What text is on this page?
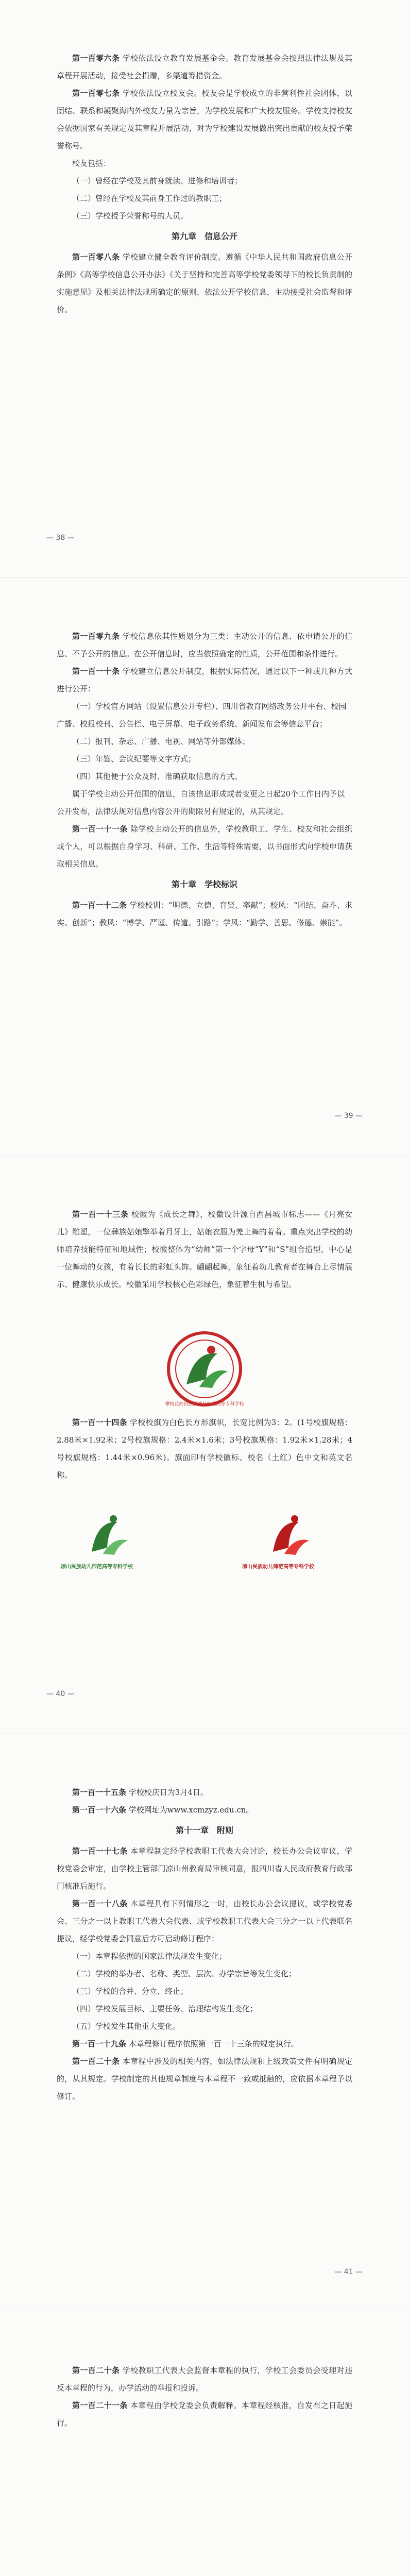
第一百零六条 学校依法设立教育发展基金会。教育发展基金会按照法律法规及其章程开展活动，接受社会捐赠，多渠道筹措资金。

第一百零七条 学校依法设立校友会。校友会是学校成立的非营利性社会团体，以团结、联系和凝聚海内外校友力量为宗旨，为学校发展和广大校友服务。学校支持校友会依据国家有关规定及其章程开展活动，对为学校建设发展做出突出贡献的校友授予荣誉称号。

校友包括：

（一）曾经在学校及其前身就读、进修和培训者；

（二）曾经在学校及其前身工作过的教职工；

（三）学校授予荣誉称号的人员。

第九章　信息公开

第一百零八条 学校建立健全教育评价制度。遵循《中华人民共和国政府信息公开条例》《高等学校信息公开办法》《关于坚持和完善高等学校党委领导下的校长负责制的实施意见》及相关法律法规所确定的原则，依法公开学校信息，主动接受社会监督和评价。

— 38 —

第一百零九条 学校信息依其性质划分为三类：主动公开的信息、依申请公开的信息、不予公开的信息。在公开信息时，应当依照确定的性质，公开范围和条件进行。

第一百一十条 学校建立信息公开制度，根据实际情况，通过以下一种或几种方式进行公开：

（一）学校官方网站（设置信息公开专栏）、四川省教育网络政务公开平台、校园广播、校报校刊、公告栏、电子屏幕、电子政务系统、新闻发布会等信息平台；

（二）报刊、杂志、广播、电视、网站等外部媒体；

（三）年鉴、会议纪要等文字方式；

（四）其他便于公众及时、准确获取信息的方式。

属于学校主动公开范围的信息，自该信息形成或者变更之日起20个工作日内予以公开发布，法律法规对信息内容公开的期限另有规定的，从其规定。

第一百一十一条 除学校主动公开的信息外，学校教职工、学生、校友和社会组织或个人，可以根据自身学习、科研、工作、生活等特殊需要，以书面形式向学校申请获取相关信息。

第十章　学校标识

第一百一十二条 学校校训：“明德、立德、育贤、率献”；校风：“团结、奋斗、求实、创新”；教风：“博学、严谨、传道、引路”；学风：“勤学、善思、修德、崇能”。

— 39 —

第一百一十三条 校徽为《成长之舞》，校徽设计源自西昌城市标志——《月亮女儿》雕塑，一位彝族姑娘擎举着月牙上，姑娘衣服为羌上舞的着着。重点突出学校的幼师培养技能特征和地域性；校徽整体为“幼师”第一个字母“Y”和“S”组合造型，中心是一位舞动的女孩，有着长长的彩虹头饰。翩翩起舞，象征着幼儿教育者在舞台上尽情展示、健康快乐成长。校徽采用学校核心色彩绿色，象征着生机与希望。

攀枝花西昌民族幼儿师范高等专科学校

第一百一十四条 学校校旗为白色长方形旗帜，长宽比例为3：2。(1号校旗规格：2.88米×1.92米；2号校旗规格：2.4米×1.6米；3号校旗规格：1.92米×1.28米；4号校旗规格：1.44米×0.96米)。旗面印有学校徽标、校名（土红）色中文和英文名称。

凉山民族幼儿师范高等专科学校	凉山民族幼儿师范高等专科学校
— 40 —

第一百一十五条 学校校庆日为3月4日。

第一百一十六条 学校网址为www.xcmzyz.edu.cn。

第十一章　附则

第一百一十七条 本章程制定经学校教职工代表大会讨论，校长办公会议审议，学校党委会审定，由学校主管部门凉山州教育局审核同意，报四川省人民政府教育行政部门核准后施行。

第一百一十八条 本章程具有下列情形之一时，由校长办公会议提议，或学校党委会、三分之一以上教职工代表大会代表、或学校教职工代表大会三分之一以上代表联名提议，经学校党委会同意后方可启动修订程序：

（一）本章程依据的国家法律法规发生变化；

（二）学校的举办者、名称、类型、层次、办学宗旨等发生变化；

（三）学校的合并、分立、终止；

（四）学校发展目标、主要任务、治理结构发生变化；

（五）学校发生其他重大变化。

第一百一十九条 本章程修订程序依照第一百一十三条的规定执行。

第一百二十条 本章程中涉及的相关内容，如法律法规和上级政策文件有明确规定的，从其规定。学校制定的其他规章制度与本章程不一致或抵触的，应依据本章程予以修订。

— 41 —

第一百二十条 学校教职工代表大会监督本章程的执行，学校工会委员会受理对违反本章程的行为，办学活动的举报和投诉。

第一百二十一条 本章程由学校党委会负责解释。本章程经核准，自发布之日起施行。
